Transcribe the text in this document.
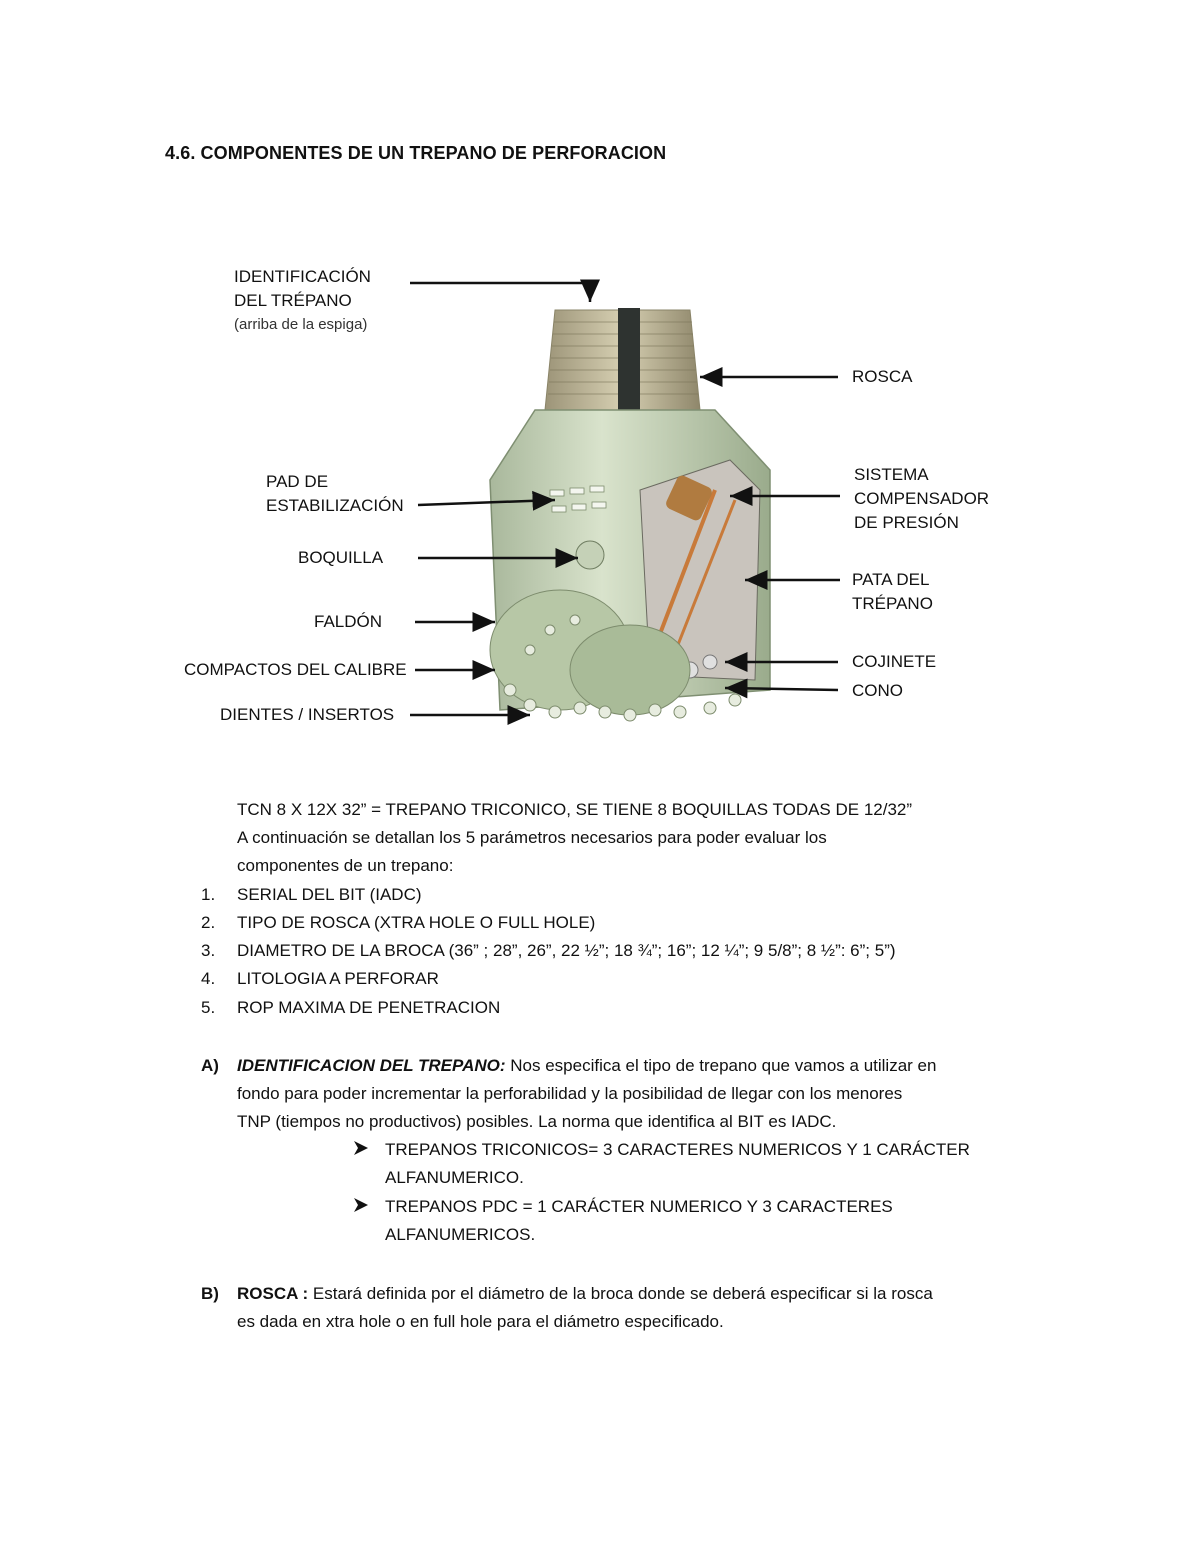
4.6. COMPONENTES DE UN TREPANO DE PERFORACION
IDENTIFICACIÓN
DEL TRÉPANO
(arriba de la espiga)
ROSCA
PAD DE
ESTABILIZACIÓN
SISTEMA
COMPENSADOR
DE PRESIÓN
BOQUILLA
PATA DEL
TRÉPANO
FALDÓN
COJINETE
COMPACTOS DEL CALIBRE
CONO
DIENTES / INSERTOS
TCN 8 X 12X 32” = TREPANO TRICONICO, SE TIENE 8 BOQUILLAS TODAS DE 12/32”
A continuación se detallan los 5 parámetros necesarios para poder evaluar los
componentes de un trepano:
1.	SERIAL DEL BIT (IADC)
2.	TIPO DE ROSCA (XTRA HOLE O FULL HOLE)
3.	DIAMETRO DE LA BROCA (36” ; 28”, 26”, 22 ½”; 18 ¾”; 16”; 12 ¼”; 9 5/8”; 8 ½”: 6”; 5”)
4.	LITOLOGIA A PERFORAR
5.	ROP MAXIMA DE PENETRACION
A)	IDENTIFICACION DEL TREPANO: Nos especifica el tipo de trepano que vamos a utilizar en
fondo para poder incrementar la perforabilidad y la posibilidad de llegar con los menores
TNP (tiempos no productivos) posibles. La norma que identifica al BIT es IADC.
TREPANOS TRICONICOS= 3 CARACTERES NUMERICOS Y 1 CARÁCTER
ALFANUMERICO.
TREPANOS PDC = 1 CARÁCTER NUMERICO Y 3 CARACTERES
ALFANUMERICOS.
B)	ROSCA : Estará definida por el diámetro de la broca donde se deberá especificar si la rosca
es dada en xtra hole o en full hole para el diámetro especificado.
